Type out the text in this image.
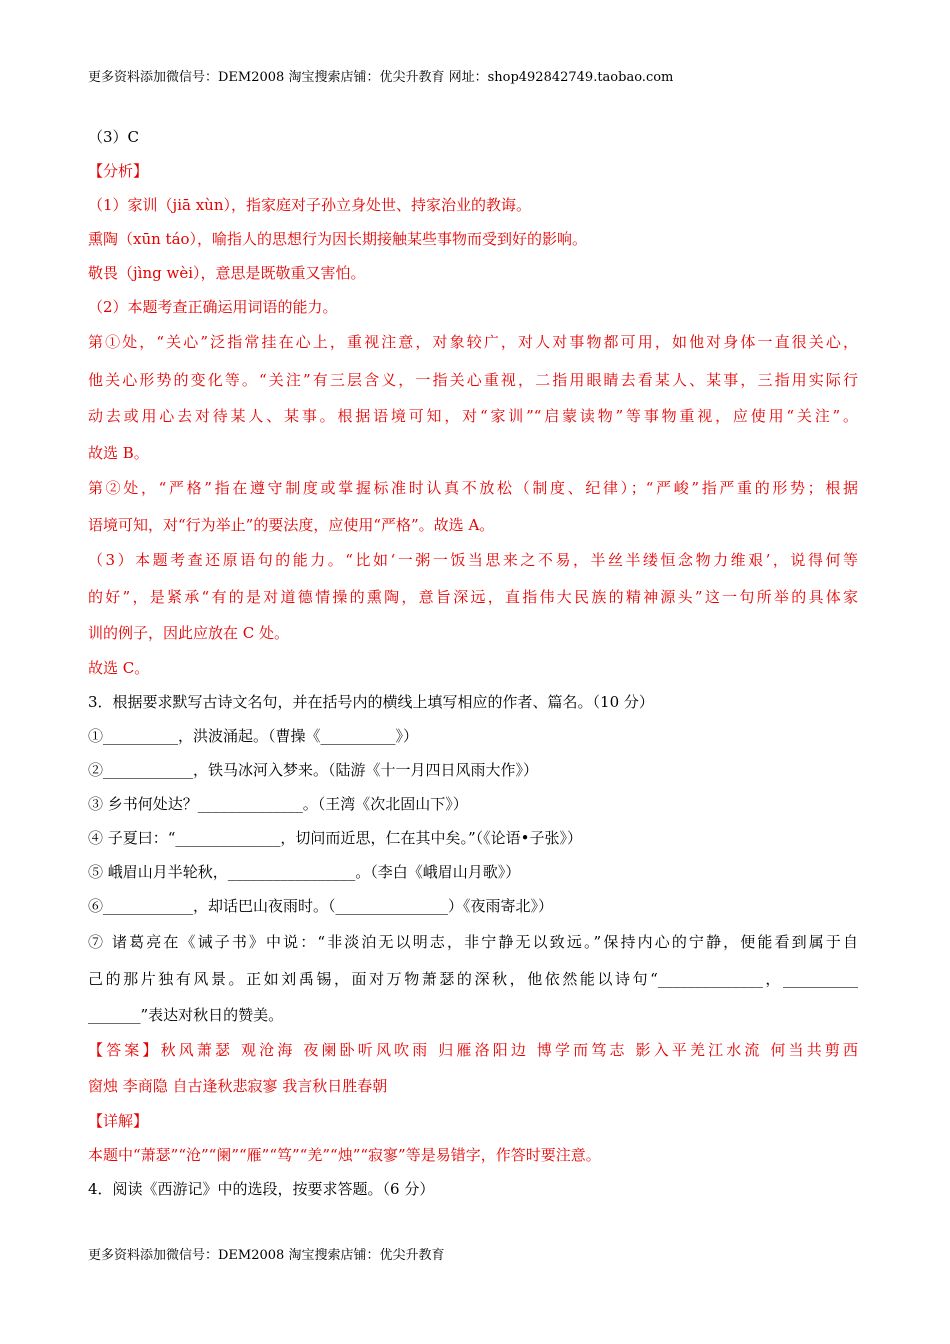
更多资料添加微信号：DEM2008 淘宝搜索店铺：优尖升教育 网址：shop492842749.taobao.com
（3）C
【分析】
（1）家训（jiā xùn），指家庭对子孙立身处世、持家治业的教诲。
熏陶（xūn táo），喻指人的思想行为因长期接触某些事物而受到好的影响。
敬畏（jìng wèi），意思是既敬重又害怕。
（2）本题考查正确运用词语的能力。
第①处，“关心”泛指常挂在心上，重视注意，对象较广，对人对事物都可用，如他对身体一直很关心，
他关心形势的变化等。“关注”有三层含义，一指关心重视，二指用眼睛去看某人、某事，三指用实际行
动去或用心去对待某人、某事。根据语境可知，对“家训”“启蒙读物”等事物重视，应使用“关注”。
故选 B。
第②处，“严格”指在遵守制度或掌握标准时认真不放松（制度、纪律）；“严峻”指严重的形势；根据
语境可知，对“行为举止”的要法度，应使用“严格”。故选 A。
（3）本题考查还原语句的能力。“比如‘一粥一饭当思来之不易，半丝半缕恒念物力维艰’，说得何等
的好”，是紧承“有的是对道德情操的熏陶，意旨深远，直指伟大民族的精神源头”这一句所举的具体家
训的例子，因此应放在 C 处。
故选 C。
3．根据要求默写古诗文名句，并在括号内的横线上填写相应的作者、篇名。（10 分）
①__________，洪波涌起。（曹操《__________》）
②____________，铁马冰河入梦来。（陆游《十一月四日风雨大作》）
③ 乡书何处达？______________。（王湾《次北固山下》）
④ 子夏曰：“______________，切问而近思，仁在其中矣。”（《论语•子张》）
⑤ 峨眉山月半轮秋，_________________。（李白《峨眉山月歌》）
⑥____________，却话巴山夜雨时。（_______________）《夜雨寄北》）
⑦ 诸葛亮在《诫子书》中说：“非淡泊无以明志，非宁静无以致远。”保持内心的宁静，便能看到属于自
己的那片独有风景。正如刘禹锡，面对万物萧瑟的深秋，他依然能以诗句“______________，__________
_______”表达对秋日的赞美。
【答案】秋风萧瑟 观沧海 夜阑卧听风吹雨 归雁洛阳边 博学而笃志 影入平羌江水流 何当共剪西
窗烛 李商隐 自古逢秋悲寂寥 我言秋日胜春朝
【详解】
本题中“萧瑟”“沧”“阑”“雁”“笃”“羌”“烛”“寂寥”等是易错字，作答时要注意。
4．阅读《西游记》中的选段，按要求答题。（6 分）
更多资料添加微信号：DEM2008 淘宝搜索店铺：优尖升教育
